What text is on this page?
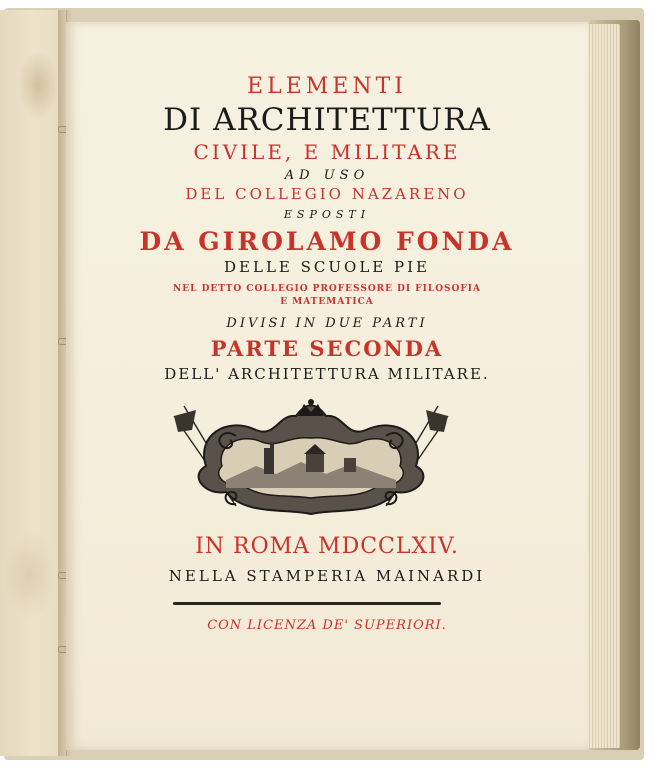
ELEMENTI

DI ARCHITETTURA

CIVILE, E MILITARE

AD USO

DEL COLLEGIO NAZARENO

ESPOSTI

DA GIROLAMO FONDA

DELLE SCUOLE PIE

NEL DETTO COLLEGIO PROFESSORE DI FILOSOFIA

E MATEMATICA

DIVISI IN DUE PARTI

PARTE SECONDA

DELL' ARCHITETTURA MILITARE.

IN ROMA MDCCLXIV.

NELLA STAMPERIA MAINARDI

CON LICENZA DE' SUPERIORI.
